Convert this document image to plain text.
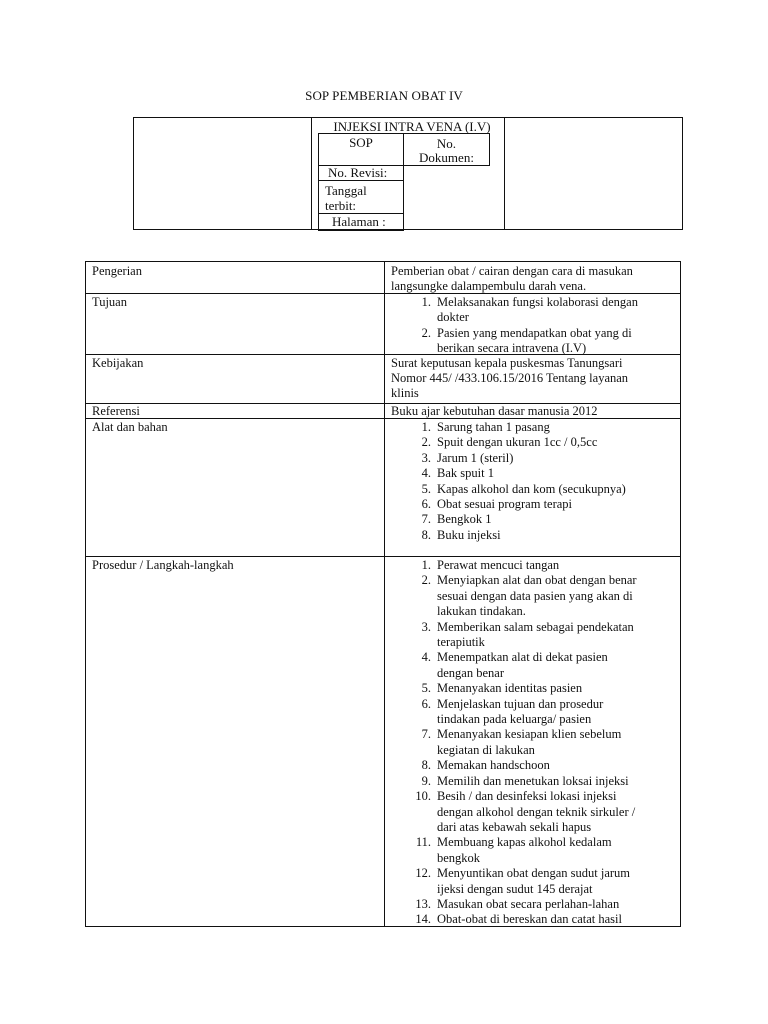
SOP PEMBERIAN OBAT IV
INJEKSI INTRA VENA (I.V)
SOP	No.
Dokumen:
No. Revisi:
Tanggal
terbit:
Halaman :
Pengerian	Pemberian obat / cairan dengan cara di masukan
langsungke dalampembulu darah vena.
Tujuan	1. Melaksanakan fungsi kolaborasi dengan
dokter
2. Pasien yang mendapatkan obat yang di
berikan secara intravena (I.V)
Kebijakan	Surat keputusan kepala puskesmas Tanungsari
Nomor 445/ /433.106.15/2016 Tentang layanan
klinis
Referensi	Buku ajar kebutuhan dasar manusia 2012
Alat dan bahan	1. Sarung tahan 1 pasang
2. Spuit dengan ukuran 1cc / 0,5cc
3. Jarum 1 (steril)
4. Bak spuit 1
5. Kapas alkohol dan kom (secukupnya)
6. Obat sesuai program terapi
7. Bengkok 1
8. Buku injeksi
Prosedur / Langkah-langkah	1. Perawat mencuci tangan
2. Menyiapkan alat dan obat dengan benar
sesuai dengan data pasien yang akan di
lakukan tindakan.
3. Memberikan salam sebagai pendekatan
terapiutik
4. Menempatkan alat di dekat pasien
dengan benar
5. Menanyakan identitas pasien
6. Menjelaskan tujuan dan prosedur
tindakan pada keluarga/ pasien
7. Menanyakan kesiapan klien sebelum
kegiatan di lakukan
8. Memakan handschoon
9. Memilih dan menetukan loksai injeksi
10. Besih / dan desinfeksi lokasi injeksi
dengan alkohol dengan teknik sirkuler /
dari atas kebawah sekali hapus
11. Membuang kapas alkohol kedalam
bengkok
12. Menyuntikan obat dengan sudut jarum
ijeksi dengan sudut 145 derajat
13. Masukan obat secara perlahan-lahan
14. Obat-obat di bereskan dan catat hasil
